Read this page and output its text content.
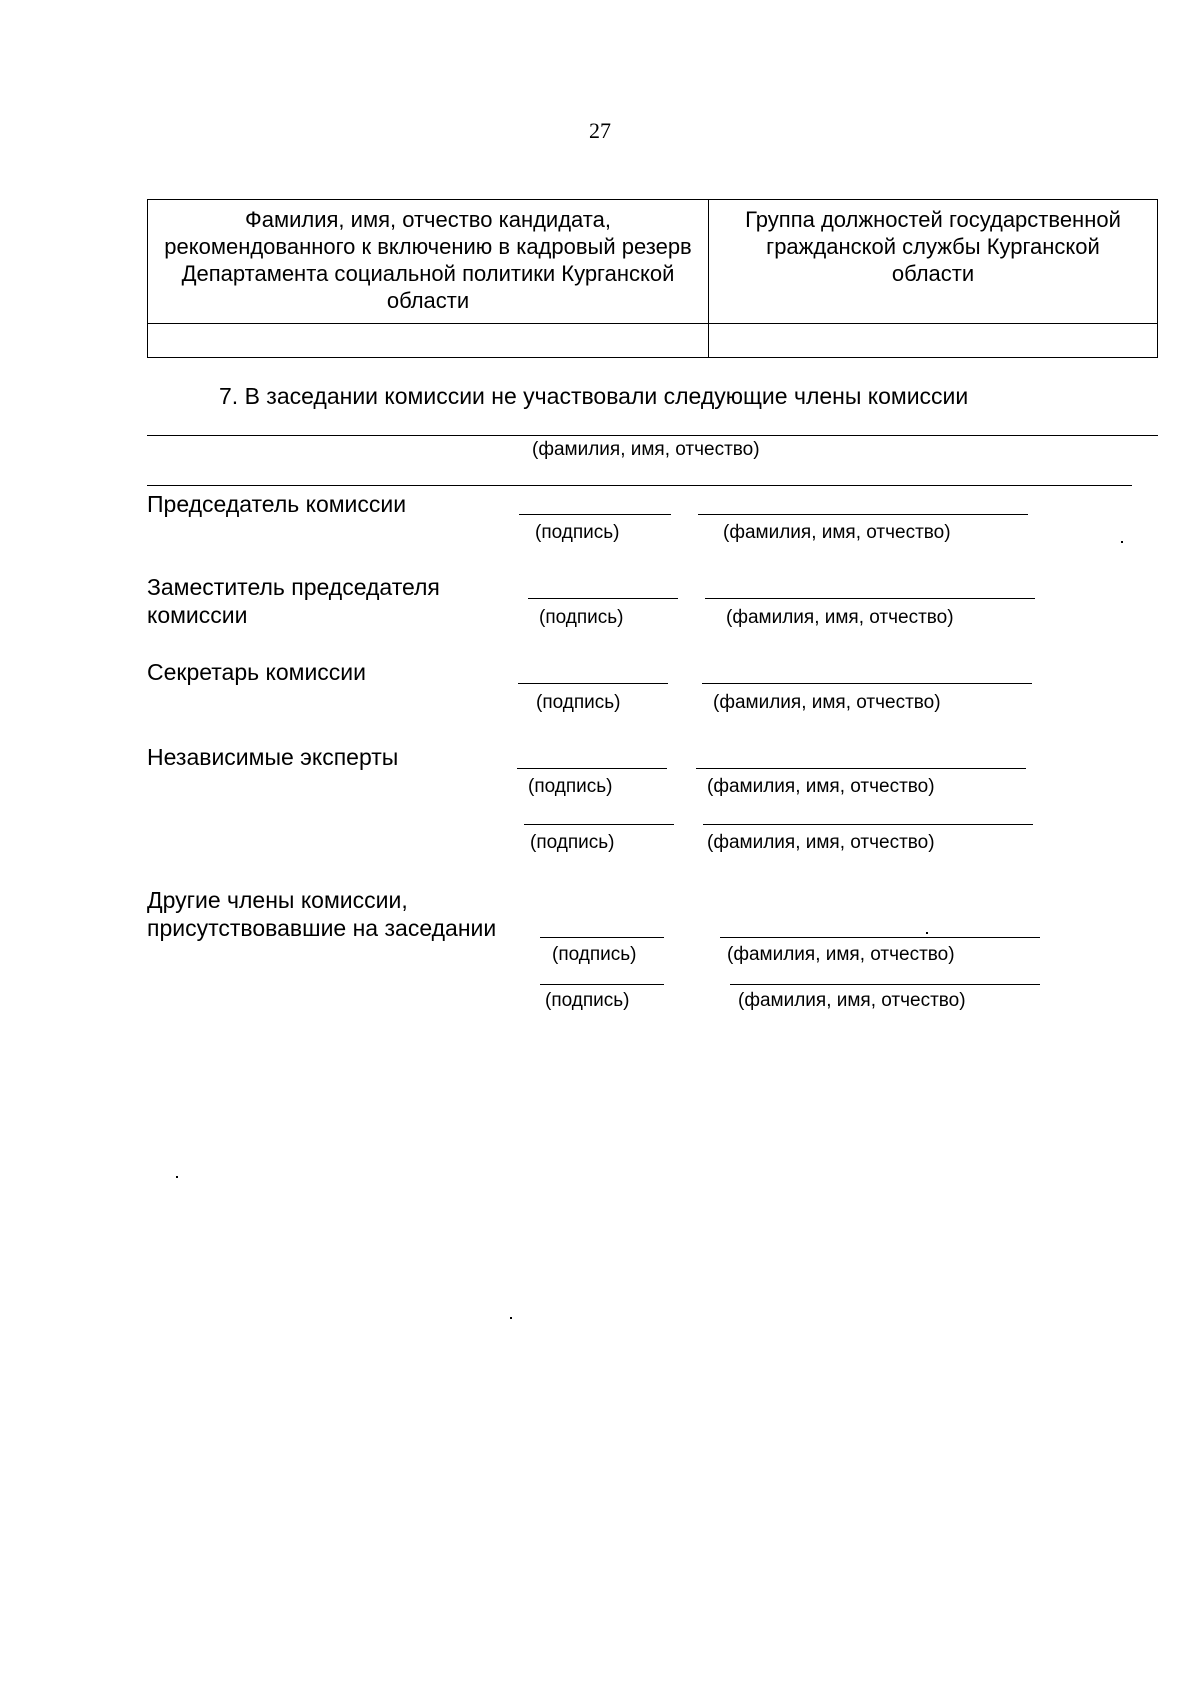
27
Фамилия, имя, отчество кандидата, рекомендованного к включению в кадровый резерв Департамента социальной политики Курганской области	Группа должностей государственной гражданской службы Курганской области

7. В заседании комиссии не участвовали следующие члены комиссии
(фамилия, имя, отчество)
Председатель комиссии
(подпись)	(фамилия, имя, отчество)
Заместитель председателя
комиссии	(подпись)	(фамилия, имя, отчество)
Секретарь комиссии
(подпись)	(фамилия, имя, отчество)
Независимые эксперты
(подпись)	(фамилия, имя, отчество)
(подпись)	(фамилия, имя, отчество)
Другие члены комиссии,
присутствовавшие на заседании
(подпись)	(фамилия, имя, отчество)
(подпись)	(фамилия, имя, отчество)
